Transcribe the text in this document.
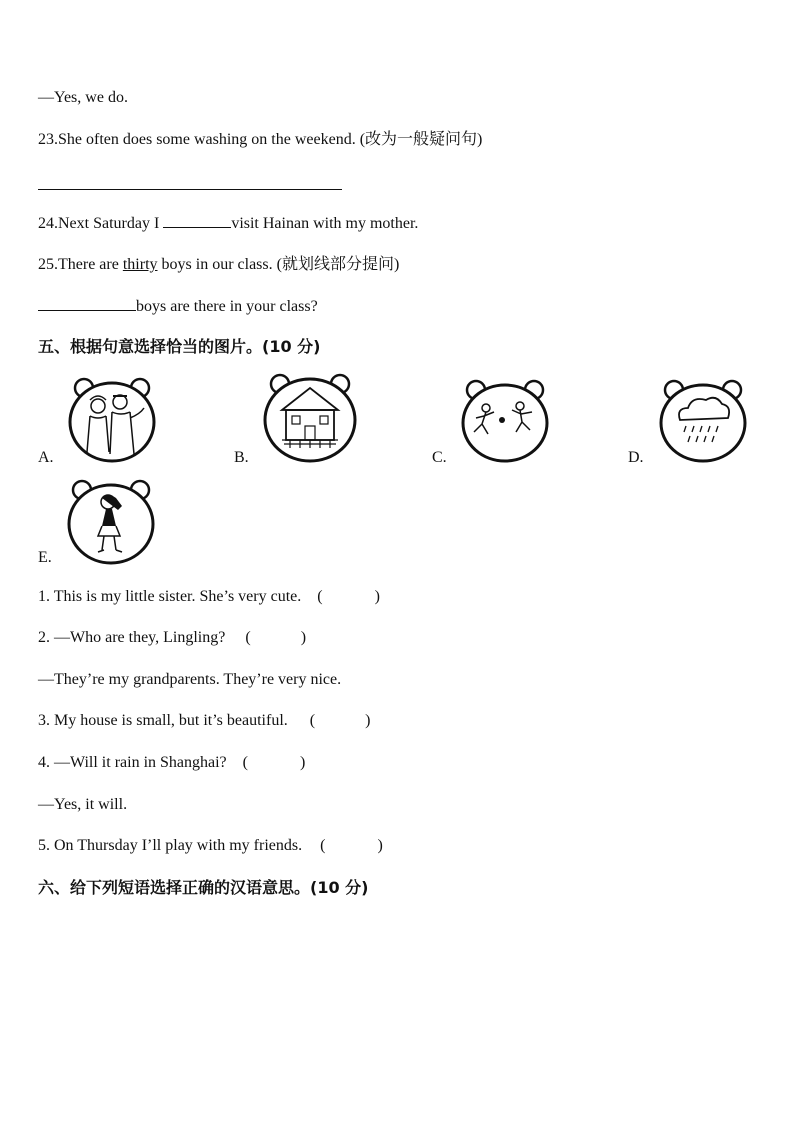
—Yes, we do.
23.She often does some washing on the weekend. (改为一般疑问句)
24.Next Saturday I	visit Hainan with my mother.
25.There are thirty boys in our class. (就划线部分提问)
boys are there in your class?
五、根据句意选择恰当的图片。(10 分)
A.	B.	C.	D.
E.
1. This is my little sister. She’s very cute. (	)
2. —Who are they, Lingling? (	)
—They’re my grandparents. They’re very nice.
3. My house is small, but it’s beautiful. (	)
4. —Will it rain in Shanghai? (	)
—Yes, it will.
5. On Thursday I’ll play with my friends. (	)
六、给下列短语选择正确的汉语意思。(10 分)
